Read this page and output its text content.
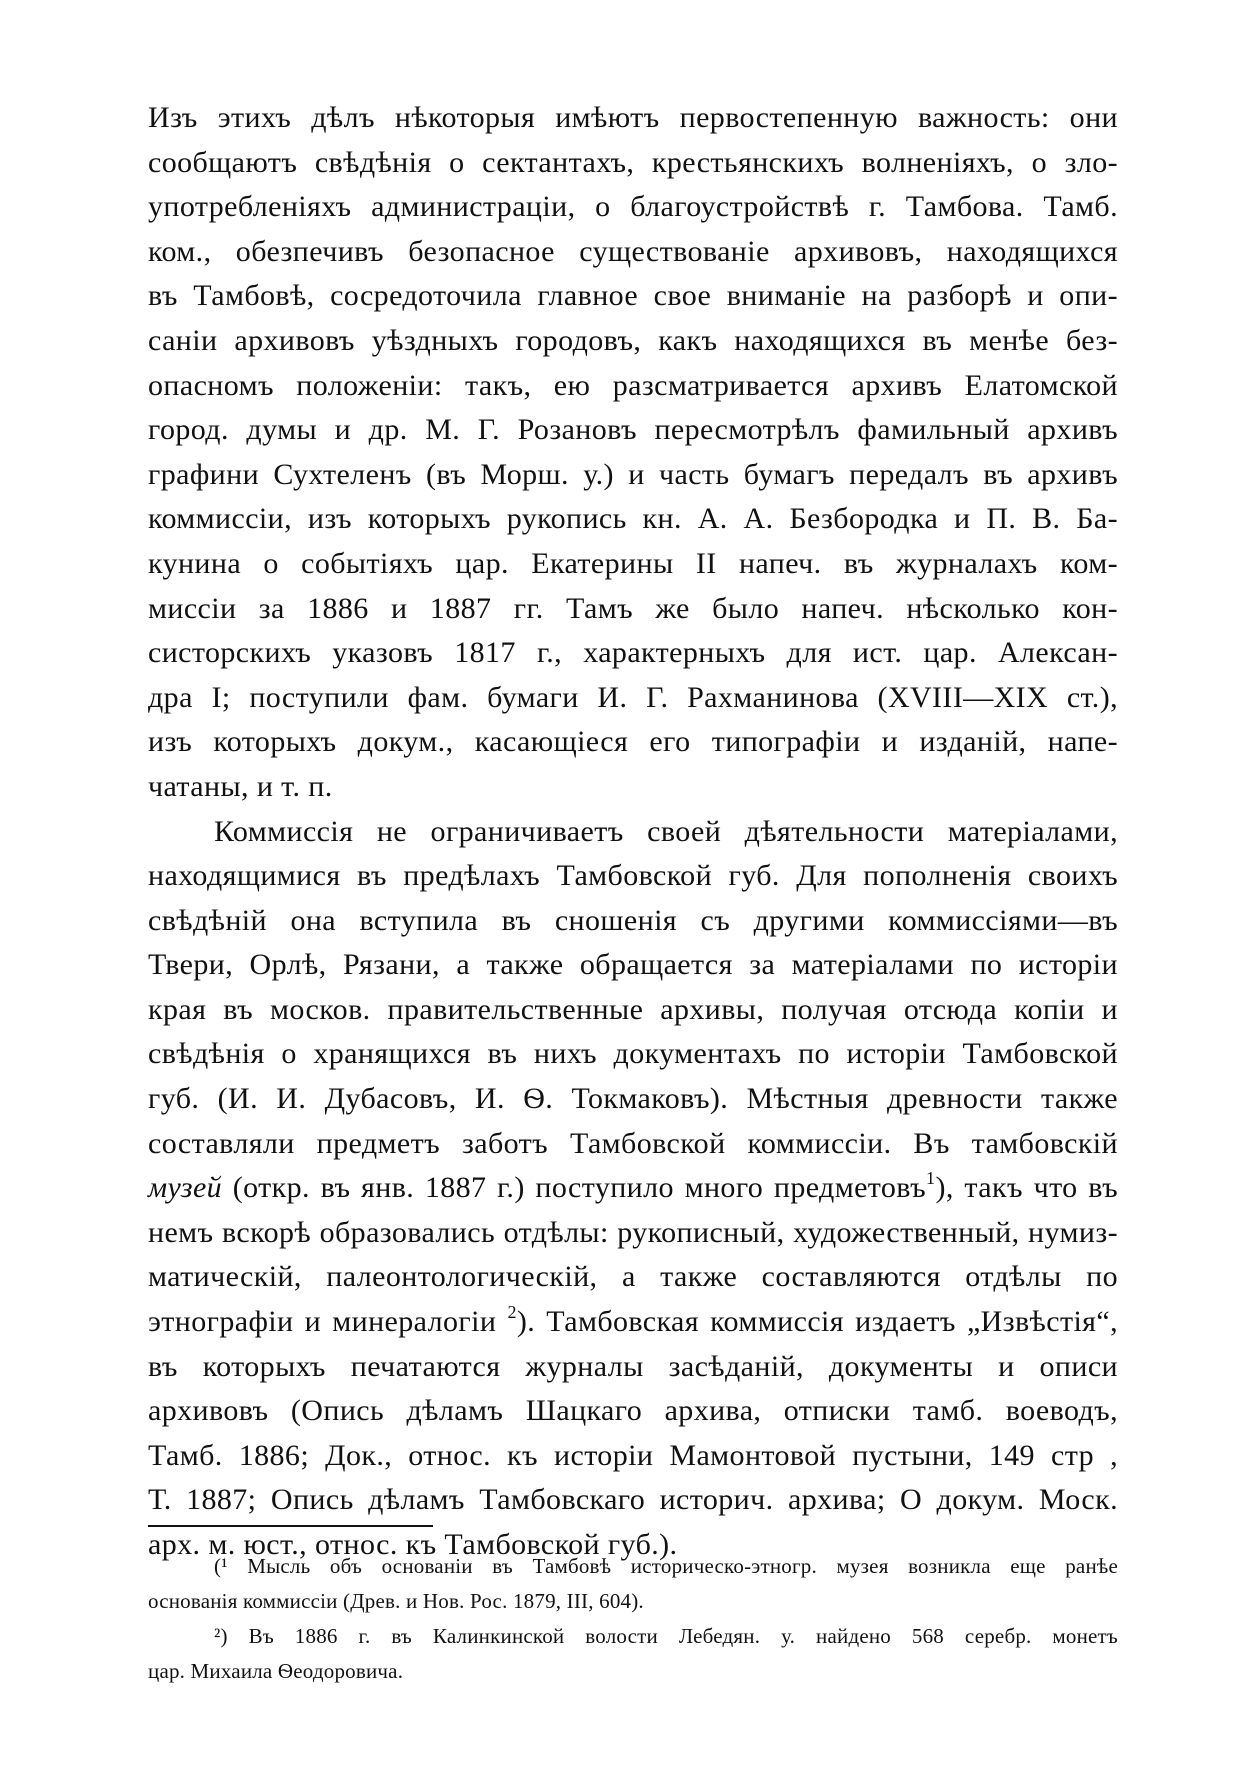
Изъ этихъ дѣлъ нѣкоторыя имѣютъ первостепенную важность: они
сообщаютъ свѣдѣнія о сектантахъ, крестьянскихъ волненіяхъ, о зло-
употребленіяхъ администраціи, о благоустройствѣ г. Тамбова. Тамб.
ком., обезпечивъ безопасное существованіе архивовъ, находящихся
въ Тамбовѣ, сосредоточила главное свое вниманіе на разборѣ и опи-
саніи архивовъ уѣздныхъ городовъ, какъ находящихся въ менѣе без-
опасномъ положеніи: такъ, ею разсматривается архивъ Елатомской
город. думы и др. М. Г. Розановъ пересмотрѣлъ фамильный архивъ
графини Сухтеленъ (въ Морш. у.) и часть бумагъ передалъ въ архивъ
коммиссіи, изъ которыхъ рукопись кн. А. А. Безбородка и П. В. Ба-
кунина о событіяхъ цар. Екатерины II напеч. въ журналахъ ком-
миссіи за 1886 и 1887 гг. Тамъ же было напеч. нѣсколько кон-
систорскихъ указовъ 1817 г., характерныхъ для ист. цар. Алексан-
дра I; поступили фам. бумаги И. Г. Рахманинова (XVIII—XIX ст.),
изъ которыхъ докум., касающіеся его типографіи и изданій, напе-
чатаны, и т. п.
Коммиссія не ограничиваетъ своей дѣятельности матеріалами,
находящимися въ предѣлахъ Тамбовской губ. Для пополненія своихъ
свѣдѣній она вступила въ сношенія съ другими коммиссіями—въ
Твери, Орлѣ, Рязани, а также обращается за матеріалами по исторіи
края въ москов. правительственные архивы, получая отсюда копіи и
свѣдѣнія о хранящихся въ нихъ документахъ по исторіи Тамбовской
губ. (И. И. Дубасовъ, И. Ѳ. Токмаковъ). Мѣстныя древности также
составляли предметъ заботъ Тамбовской коммиссіи. Въ тамбовскій
музей (откр. въ янв. 1887 г.) поступило много предметовъ$^1$), такъ что въ
немъ вскорѣ образовались отдѣлы: рукописный, художественный, нумиз-
матическій, палеонтологическій, а также составляются отдѣлы по
этнографіи и минералогіи $^2$). Тамбовская коммиссія издаетъ „Извѣстія“,
въ которыхъ печатаются журналы засѣданій, документы и описи
архивовъ (Опись дѣламъ Шацкаго архива, отписки тамб. воеводъ,
Тамб. 1886; Док., относ. къ исторіи Мамонтовой пустыни, 149 стр ,
Т. 1887; Опись дѣламъ Тамбовскаго историч. архива; О докум. Моск.
арх. м. юст., относ. къ Тамбовской губ.).
(¹ Мысль объ основаніи въ Тамбовѣ историческо-этногр. музея возникла еще ранѣе
основанія коммиссіи (Древ. и Нов. Рос. 1879, III, 604).
²) Въ 1886 г. въ Калинкинской волости Лебедян. у. найдено 568 серебр. монетъ
цар. Михаила Ѳеодоровича.
